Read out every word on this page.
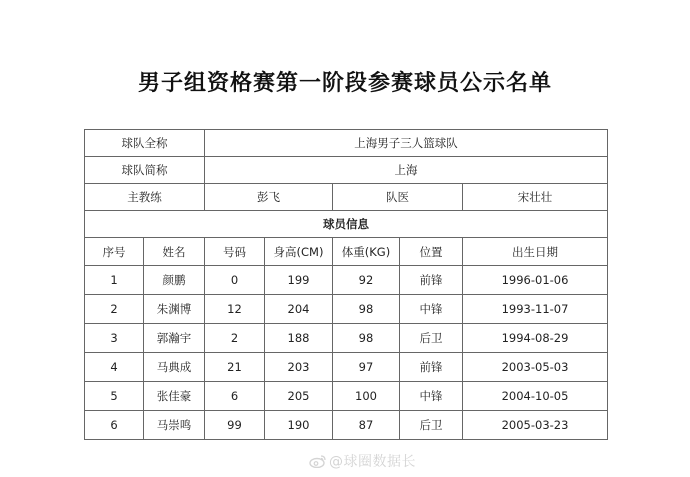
男子组资格赛第一阶段参赛球员公示名单
球队全称		上海男子三人篮球队				
球队简称		上海				
主教练		彭飞		队医		宋壮壮
球员信息						
序号	姓名	号码	身高(CM)	体重(KG)	位置	出生日期
1	颜鹏	0	199	92	前锋	1996-01-06
2	朱渊博	12	204	98	中锋	1993-11-07
3	郭瀚宇	2	188	98	后卫	1994-08-29
4	马典成	21	203	97	前锋	2003-05-03
5	张佳豪	6	205	100	中锋	2004-10-05
6	马崇鸣	99	190	87	后卫	2005-03-23
@球圈数据长
